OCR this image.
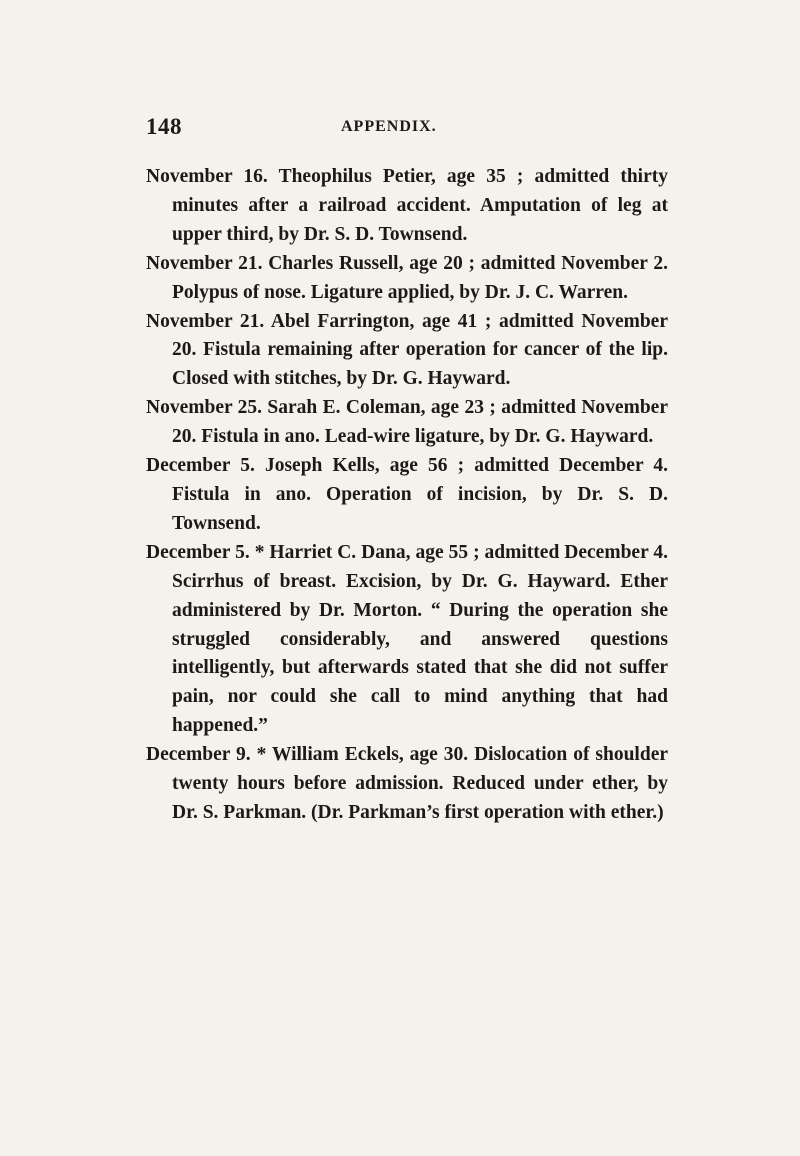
148	APPENDIX.

November 16. Theophilus Petier, age 35 ; admitted thirty minutes after a railroad accident. Amputation of leg at upper third, by Dr. S. D. Townsend.

November 21. Charles Russell, age 20 ; admitted November 2. Polypus of nose. Ligature applied, by Dr. J. C. Warren.

November 21. Abel Farrington, age 41 ; admitted November 20. Fistula remaining after operation for cancer of the lip. Closed with stitches, by Dr. G. Hayward.

November 25. Sarah E. Coleman, age 23 ; admitted November 20. Fistula in ano. Lead-wire ligature, by Dr. G. Hayward.

December 5. Joseph Kells, age 56 ; admitted December 4. Fistula in ano. Operation of incision, by Dr. S. D. Townsend.

December 5. * Harriet C. Dana, age 55 ; admitted December 4. Scirrhus of breast. Excision, by Dr. G. Hayward. Ether administered by Dr. Morton. “ During the operation she struggled considerably, and answered questions intelligently, but afterwards stated that she did not suffer pain, nor could she call to mind anything that had happened.”

December 9. * William Eckels, age 30. Dislocation of shoulder twenty hours before admission. Reduced under ether, by Dr. S. Parkman. (Dr. Parkman’s first operation with ether.)
